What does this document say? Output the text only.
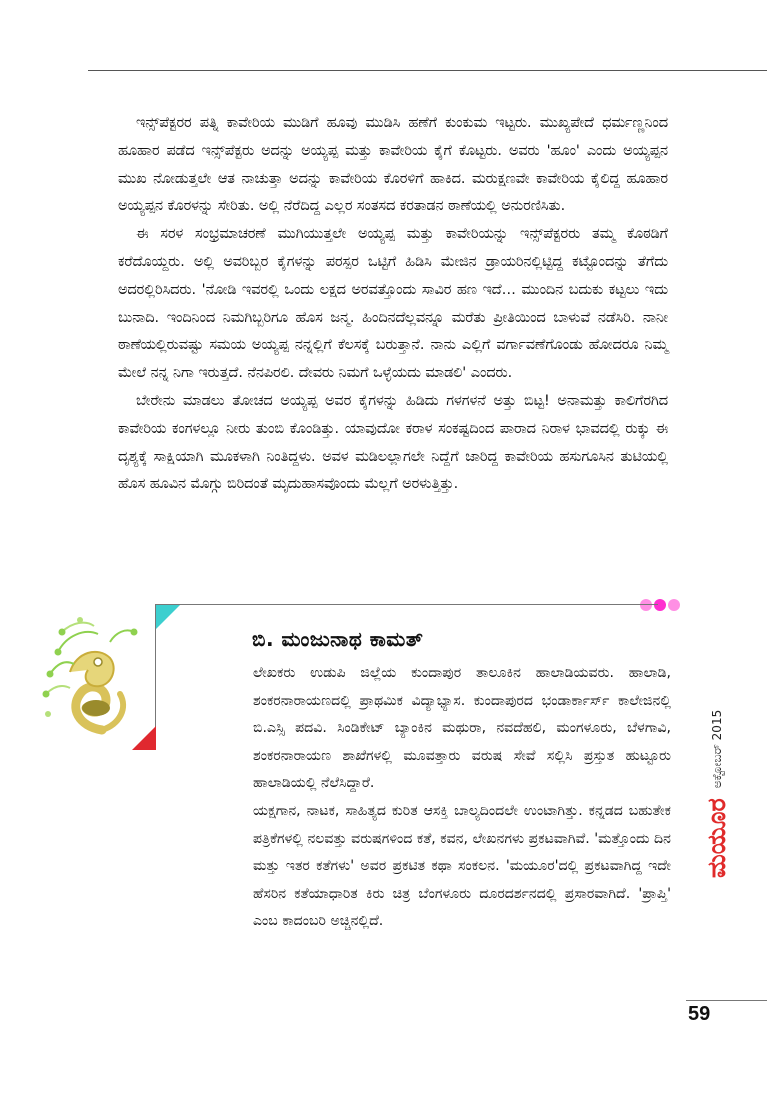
ಇನ್ಸ್‌ಪೆಕ್ಟರರ ಪತ್ನಿ ಕಾವೇರಿಯ ಮುಡಿಗೆ ಹೂವು ಮುಡಿಸಿ ಹಣೆಗೆ ಕುಂಕುಮ ಇಟ್ಟರು. ಮುಖ್ಯಪೇದೆ ಧರ್ಮಣ್ಣನಿಂದ ಹೂಹಾರ ಪಡೆದ ಇನ್ಸ್‌ಪೆಕ್ಟರು ಅದನ್ನು ಅಯ್ಯಪ್ಪ ಮತ್ತು ಕಾವೇರಿಯ ಕೈಗೆ ಕೊಟ್ಟರು. ಅವರು 'ಹೂಂ' ಎಂದು ಅಯ್ಯಪ್ಪನ ಮುಖ ನೋಡುತ್ತಲೇ ಆತ ನಾಚುತ್ತಾ ಅದನ್ನು ಕಾವೇರಿಯ ಕೊರಳಿಗೆ ಹಾಕಿದ. ಮರುಕ್ಷಣವೇ ಕಾವೇರಿಯ ಕೈಲಿದ್ದ ಹೂಹಾರ ಅಯ್ಯಪ್ಪನ ಕೊರಳನ್ನು ಸೇರಿತು. ಅಲ್ಲಿ ನೆರೆದಿದ್ದ ಎಲ್ಲರ ಸಂತಸದ ಕರತಾಡನ ಠಾಣೆಯಲ್ಲಿ ಅನುರಣಿಸಿತು.

ಈ ಸರಳ ಸಂಭ್ರಮಾಚರಣೆ ಮುಗಿಯುತ್ತಲೇ ಅಯ್ಯಪ್ಪ ಮತ್ತು ಕಾವೇರಿಯನ್ನು ಇನ್ಸ್‌ಪೆಕ್ಟರರು ತಮ್ಮ ಕೊಠಡಿಗೆ ಕರೆದೊಯ್ದರು. ಅಲ್ಲಿ ಅವರಿಬ್ಬರ ಕೈಗಳನ್ನು ಪರಸ್ಪರ ಒಟ್ಟಿಗೆ ಹಿಡಿಸಿ ಮೇಜಿನ ಡ್ರಾಯರಿನಲ್ಲಿಟ್ಟಿದ್ದ ಕಟ್ಟೊಂದನ್ನು ತೆಗೆದು ಅದರಲ್ಲಿರಿಸಿದರು. 'ನೋಡಿ ಇವರಲ್ಲಿ ಒಂದು ಲಕ್ಷದ ಅರವತ್ತೊಂದು ಸಾವಿರ ಹಣ ಇದೆ… ಮುಂದಿನ ಬದುಕು ಕಟ್ಟಲು ಇದು ಬುನಾದಿ. ಇಂದಿನಿಂದ ನಿಮಗಿಬ್ಬರಿಗೂ ಹೊಸ ಜನ್ಮ. ಹಿಂದಿನದೆಲ್ಲವನ್ನೂ ಮರೆತು ಪ್ರೀತಿಯಿಂದ ಬಾಳುವೆ ನಡೆಸಿರಿ. ನಾನೀ ಠಾಣೆಯಲ್ಲಿರುವಷ್ಟು ಸಮಯ ಅಯ್ಯಪ್ಪ ನನ್ನಲ್ಲಿಗೆ ಕೆಲಸಕ್ಕೆ ಬರುತ್ತಾನೆ. ನಾನು ಎಲ್ಲಿಗೆ ವರ್ಗಾವಣೆಗೊಂಡು ಹೋದರೂ ನಿಮ್ಮ ಮೇಲೆ ನನ್ನ ನಿಗಾ ಇರುತ್ತದೆ. ನೆನಪಿರಲಿ. ದೇವರು ನಿಮಗೆ ಒಳ್ಳೆಯದು ಮಾಡಲಿ' ಎಂದರು.

ಬೇರೇನು ಮಾಡಲು ತೋಚದ ಅಯ್ಯಪ್ಪ ಅವರ ಕೈಗಳನ್ನು ಹಿಡಿದು ಗಳಗಳನೆ ಅತ್ತು ಬಿಟ್ಟ! ಅನಾಮತ್ತು ಕಾಲಿಗೆರಗಿದ ಕಾವೇರಿಯ ಕಂಗಳಲ್ಲೂ ನೀರು ತುಂಬಿ ಕೊಂಡಿತ್ತು. ಯಾವುದೋ ಕರಾಳ ಸಂಕಷ್ಟದಿಂದ ಪಾರಾದ ನಿರಾಳ ಭಾವದಲ್ಲಿ ರುಕ್ಕು ಈ ದೃಶ್ಯಕ್ಕೆ ಸಾಕ್ಷಿಯಾಗಿ ಮೂಕಳಾಗಿ ನಿಂತಿದ್ದಳು. ಅವಳ ಮಡಿಲಲ್ಲಾಗಲೇ ನಿದ್ದೆಗೆ ಜಾರಿದ್ದ ಕಾವೇರಿಯ ಹಸುಗೂಸಿನ ತುಟಿಯಲ್ಲಿ ಹೊಸ ಹೂವಿನ ಮೊಗ್ಗು ಬಿರಿದಂತೆ ಮೃದುಹಾಸವೊಂದು ಮೆಲ್ಲಗೆ ಅರಳುತ್ತಿತ್ತು.

ಬಿ. ಮಂಜುನಾಥ ಕಾಮತ್

ಲೇಖಕರು ಉಡುಪಿ ಜಿಲ್ಲೆಯ ಕುಂದಾಪುರ ತಾಲೂಕಿನ ಹಾಲಾಡಿಯವರು. ಹಾಲಾಡಿ, ಶಂಕರನಾರಾಯಣದಲ್ಲಿ ಪ್ರಾಥಮಿಕ ವಿದ್ಯಾಭ್ಯಾಸ. ಕುಂದಾಪುರದ ಭಂಡಾರ್ಕಾರ್ಸ್ ಕಾಲೇಜಿನಲ್ಲಿ ಬಿ.ಎಸ್ಸಿ ಪದವಿ. ಸಿಂಡಿಕೇಟ್ ಬ್ಯಾಂಕಿನ ಮಥುರಾ, ನವದೆಹಲಿ, ಮಂಗಳೂರು, ಬೆಳಗಾವಿ, ಶಂಕರನಾರಾಯಣ ಶಾಖೆಗಳಲ್ಲಿ ಮೂವತ್ತಾರು ವರುಷ ಸೇವೆ ಸಲ್ಲಿಸಿ ಪ್ರಸ್ತುತ ಹುಟ್ಟೂರು ಹಾಲಾಡಿಯಲ್ಲಿ ನೆಲೆಸಿದ್ದಾರೆ.

ಯಕ್ಷಗಾನ, ನಾಟಕ, ಸಾಹಿತ್ಯದ ಕುರಿತ ಆಸಕ್ತಿ ಬಾಲ್ಯದಿಂದಲೇ ಉಂಟಾಗಿತ್ತು. ಕನ್ನಡದ ಬಹುತೇಕ ಪತ್ರಿಕೆಗಳಲ್ಲಿ ನಲವತ್ತು ವರುಷಗಳಿಂದ ಕತೆ, ಕವನ, ಲೇಖನಗಳು ಪ್ರಕಟವಾಗಿವೆ. 'ಮತ್ತೊಂದು ದಿನ ಮತ್ತು ಇತರ ಕತೆಗಳು' ಅವರ ಪ್ರಕಟಿತ ಕಥಾ ಸಂಕಲನ. 'ಮಯೂರ'ದಲ್ಲಿ ಪ್ರಕಟವಾಗಿದ್ದ ಇದೇ ಹೆಸರಿನ ಕತೆಯಾಧಾರಿತ ಕಿರು ಚಿತ್ರ ಬೆಂಗಳೂರು ದೂರದರ್ಶನದಲ್ಲಿ ಪ್ರಸಾರವಾಗಿದೆ. 'ಪ್ರಾಪ್ತಿ' ಎಂಬ ಕಾದಂಬರಿ ಅಚ್ಚಿನಲ್ಲಿದೆ.

ಮಯೂರ
ಅಕ್ಟೋಬರ್ 2015

59
